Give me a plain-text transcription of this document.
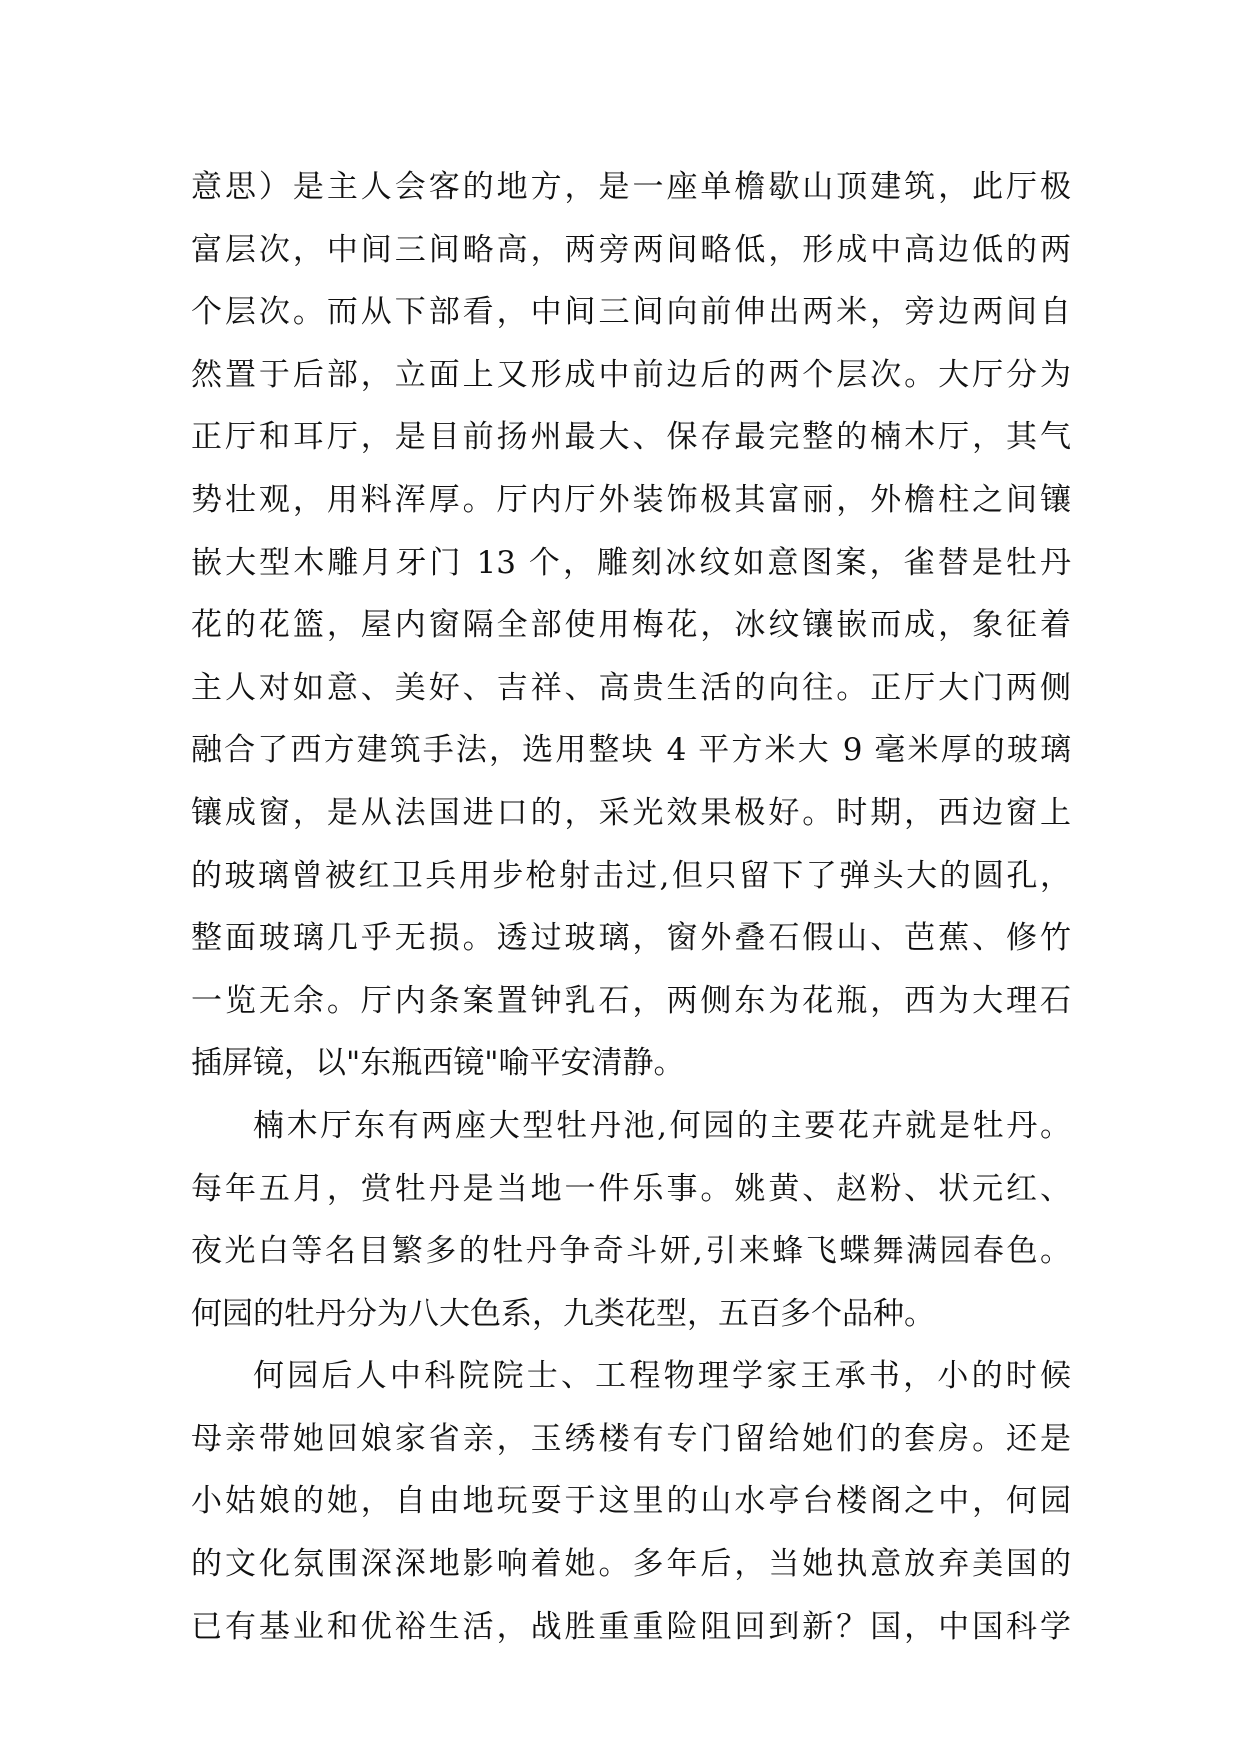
意思）是主人会客的地方，是一座单檐歇山顶建筑，此厅极
富层次，中间三间略高，两旁两间略低，形成中高边低的两
个层次。而从下部看，中间三间向前伸出两米，旁边两间自
然置于后部，立面上又形成中前边后的两个层次。大厅分为
正厅和耳厅，是目前扬州最大、保存最完整的楠木厅，其气
势壮观，用料浑厚。厅内厅外装饰极其富丽，外檐柱之间镶
嵌大型木雕月牙门 13 个，雕刻冰纹如意图案，雀替是牡丹
花的花篮，屋内窗隔全部使用梅花，冰纹镶嵌而成，象征着
主人对如意、美好、吉祥、高贵生活的向往。正厅大门两侧
融合了西方建筑手法，选用整块 4 平方米大 9 毫米厚的玻璃
镶成窗，是从法国进口的，采光效果极好。时期，西边窗上
的玻璃曾被红卫兵用步枪射击过,但只留下了弹头大的圆孔，
整面玻璃几乎无损。透过玻璃，窗外叠石假山、芭蕉、修竹
一览无余。厅内条案置钟乳石，两侧东为花瓶，西为大理石
插屏镜，以"东瓶西镜"喻平安清静。
楠木厅东有两座大型牡丹池,何园的主要花卉就是牡丹。
每年五月，赏牡丹是当地一件乐事。姚黄、赵粉、状元红、
夜光白等名目繁多的牡丹争奇斗妍,引来蜂飞蝶舞满园春色。
何园的牡丹分为八大色系，九类花型，五百多个品种。
何园后人中科院院士、工程物理学家王承书，小的时候
母亲带她回娘家省亲，玉绣楼有专门留给她们的套房。还是
小姑娘的她，自由地玩耍于这里的山水亭台楼阁之中，何园
的文化氛围深深地影响着她。多年后，当她执意放弃美国的
已有基业和优裕生活，战胜重重险阻回到新？国，中国科学
